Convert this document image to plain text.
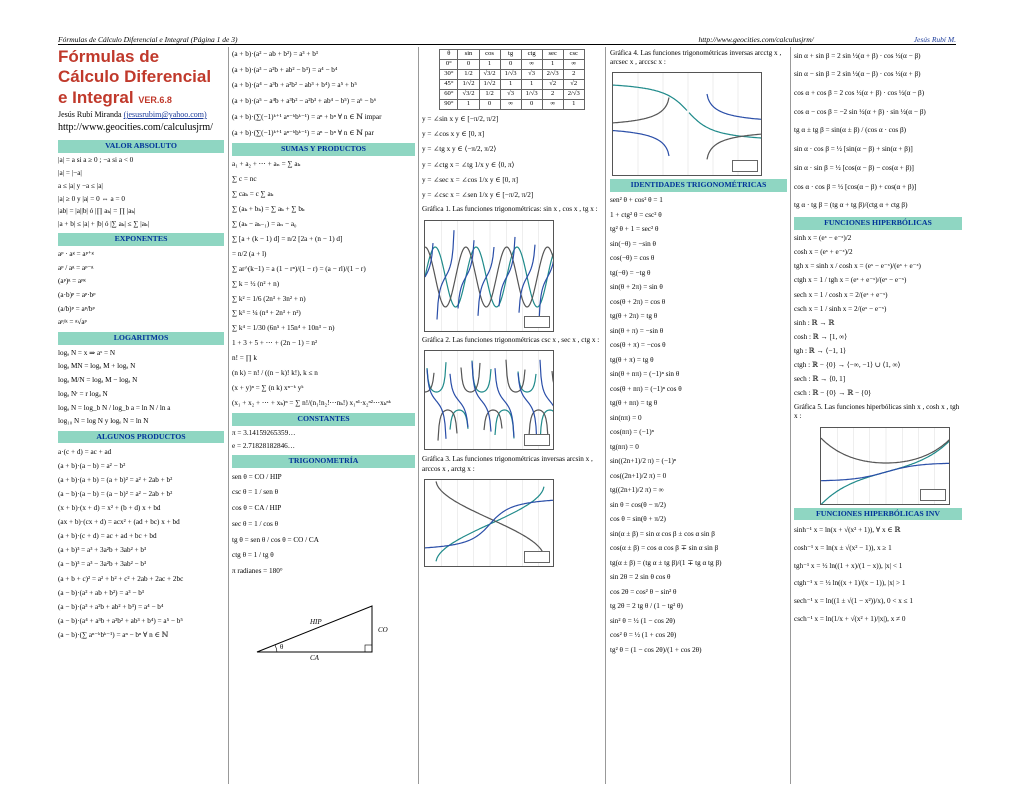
Fórmulas de Cálculo Diferencial e Integral (Página 1 de 3)	http://www.geocities.com/calculusjrm/	Jesús Rubí M.
Fórmulas de
Cálculo Diferencial
e Integral VER.6.8
Jesús Rubí Miranda (jesusrubim@yahoo.com)
http://www.geocities.com/calculusjrm/
VALOR ABSOLUTO
|a| = a si a ≥ 0 ; −a si a < 0
|a| = |−a|
a ≤ |a| y −a ≤ |a|
|a| ≥ 0 y |a| = 0 ⇔ a = 0
|ab| = |a||b| ó |∏ aₖ| = ∏ |aₖ|
|a + b| ≤ |a| + |b| ó |∑ aₖ| ≤ ∑ |aₖ|
EXPONENTES
aᵖ · aᵍ = aᵖ⁺ᵍ
aᵖ / aᵍ = aᵖ⁻ᵍ
(aᵖ)ᵍ = aᵖᵍ
(a·b)ᵖ = aᵖ·bᵖ
(a/b)ᵖ = aᵖ/bᵖ
aᵖ/ᵍ = ᵍ√aᵖ
LOGARITMOS
logₐ N = x ⇒ aˣ = N
logₐ MN = logₐ M + logₐ N
logₐ M/N = logₐ M − logₐ N
logₐ Nʳ = r logₐ N
logₐ N = log_b N / log_b a = ln N / ln a
log₁₀ N = log N y logₑ N = ln N
ALGUNOS PRODUCTOS
a·(c + d) = ac + ad
(a + b)·(a − b) = a² − b²
(a + b)·(a + b) = (a + b)² = a² + 2ab + b²
(a − b)·(a − b) = (a − b)² = a² − 2ab + b²
(x + b)·(x + d) = x² + (b + d) x + bd
(ax + b)·(cx + d) = acx² + (ad + bc) x + bd
(a + b)·(c + d) = ac + ad + bc + bd
(a + b)³ = a³ + 3a²b + 3ab² + b³
(a − b)³ = a³ − 3a²b + 3ab² − b³
(a + b + c)² = a² + b² + c² + 2ab + 2ac + 2bc
(a − b)·(a² + ab + b²) = a³ − b³
(a − b)·(a³ + a²b + ab² + b³) = a⁴ − b⁴
(a − b)·(a⁴ + a³b + a²b² + ab³ + b⁴) = a⁵ − b⁵
(a − b)·(∑ aⁿ⁻ᵏbᵏ⁻¹) = aⁿ − bⁿ ∀ n ∈ ℕ
(a + b)·(a² − ab + b²) = a³ + b³
(a + b)·(a³ − a²b + ab² − b³) = a⁴ − b⁴
(a + b)·(a⁴ − a³b + a²b² − ab³ + b⁴) = a⁵ + b⁵
(a + b)·(a⁵ − a⁴b + a³b² − a²b³ + ab⁴ − b⁵) = a⁶ − b⁶
(a + b)·(∑(−1)ᵏ⁺¹ aⁿ⁻ᵏbᵏ⁻¹) = aⁿ + bⁿ ∀ n ∈ ℕ impar
(a + b)·(∑(−1)ᵏ⁺¹ aⁿ⁻ᵏbᵏ⁻¹) = aⁿ − bⁿ ∀ n ∈ ℕ par
SUMAS Y PRODUCTOS
a₁ + a₂ + ⋯ + aₙ = ∑ aₖ
∑ c = nc
∑ caₖ = c ∑ aₖ
∑ (aₖ + bₖ) = ∑ aₖ + ∑ bₖ
∑ (aₖ − aₖ₋₁) = aₙ − a₀
∑ [a + (k − 1) d] = n/2 [2a + (n − 1) d]
= n/2 (a + l)
∑ ar^(k−1) = a (1 − rⁿ)/(1 − r) = (a − rl)/(1 − r)
∑ k = ½ (n² + n)
∑ k² = 1/6 (2n³ + 3n² + n)
∑ k³ = ¼ (n⁴ + 2n³ + n²)
∑ k⁴ = 1/30 (6n⁵ + 15n⁴ + 10n³ − n)
1 + 3 + 5 + ⋯ + (2n − 1) = n²
n! = ∏ k
(n k) = n! / ((n − k)! k!), k ≤ n
(x + y)ⁿ = ∑ (n k) xⁿ⁻ᵏ yᵏ
(x₁ + x₂ + ⋯ + xₖ)ⁿ = ∑ n!/(n₁!n₂!⋯nₖ!) x₁ⁿ¹·x₂ⁿ²⋯xₖⁿᵏ
CONSTANTES
π = 3.14159265359…
e = 2.71828182846…
TRIGONOMETRÍA
sen θ = CO / HIP
csc θ = 1 / sen θ
cos θ = CA / HIP
sec θ = 1 / cos θ
tg θ = sen θ / cos θ = CO / CA
ctg θ = 1 / tg θ
π radianes = 180°
HIP
CO
CA
θ
θ	sin	cos	tg	ctg	sec	csc
0°	0	1	0	∞	1	∞
30°	1/2	√3/2	1/√3	√3	2/√3	2
45°	1/√2	1/√2	1	1	√2	√2
60°	√3/2	1/2	√3	1/√3	2	2/√3
90°	1	0	∞	0	∞	1
y = ∠sin x y ∈ [−π/2, π/2]
y = ∠cos x y ∈ [0, π]
y = ∠tg x y ∈ ⟨−π/2, π/2⟩
y = ∠ctg x = ∠tg 1/x y ∈ ⟨0, π⟩
y = ∠sec x = ∠cos 1/x y ∈ [0, π]
y = ∠csc x = ∠sen 1/x y ∈ [−π/2, π/2]
Gráfica 1. Las funciones trigonométricas: sin x , cos x , tg x :
Gráfica 2. Las funciones trigonométricas csc x , sec x , ctg x :
Gráfica 3. Las funciones trigonométricas inversas arcsin x , arccos x , arctg x :
Gráfica 4. Las funciones trigonométricas inversas arcctg x , arcsec x , arccsc x :
IDENTIDADES TRIGONOMÉTRICAS
sen² θ + cos² θ = 1
1 + ctg² θ = csc² θ
tg² θ + 1 = sec² θ
sin(−θ) = −sin θ
cos(−θ) = cos θ
tg(−θ) = −tg θ
sin(θ + 2π) = sin θ
cos(θ + 2π) = cos θ
tg(θ + 2π) = tg θ
sin(θ + π) = −sin θ
cos(θ + π) = −cos θ
tg(θ + π) = tg θ
sin(θ + nπ) = (−1)ⁿ sin θ
cos(θ + nπ) = (−1)ⁿ cos θ
tg(θ + nπ) = tg θ
sin(nπ) = 0
cos(nπ) = (−1)ⁿ
tg(nπ) = 0
sin((2n+1)/2 π) = (−1)ⁿ
cos((2n+1)/2 π) = 0
tg((2n+1)/2 π) = ∞
sin θ = cos(θ − π/2)
cos θ = sin(θ + π/2)
sin(α ± β) = sin α cos β ± cos α sin β
cos(α ± β) = cos α cos β ∓ sin α sin β
tg(α ± β) = (tg α ± tg β)/(1 ∓ tg α tg β)
sin 2θ = 2 sin θ cos θ
cos 2θ = cos² θ − sin² θ
tg 2θ = 2 tg θ / (1 − tg² θ)
sin² θ = ½ (1 − cos 2θ)
cos² θ = ½ (1 + cos 2θ)
tg² θ = (1 − cos 2θ)/(1 + cos 2θ)
sin α + sin β = 2 sin ½(α + β) · cos ½(α − β)
sin α − sin β = 2 sin ½(α − β) · cos ½(α + β)
cos α + cos β = 2 cos ½(α + β) · cos ½(α − β)
cos α − cos β = −2 sin ½(α + β) · sin ½(α − β)
tg α ± tg β = sin(α ± β) / (cos α · cos β)
sin α · cos β = ½ [sin(α − β) + sin(α + β)]
sin α · sin β = ½ [cos(α − β) − cos(α + β)]
cos α · cos β = ½ [cos(α − β) + cos(α + β)]
tg α · tg β = (tg α + tg β)/(ctg α + ctg β)
FUNCIONES HIPERBÓLICAS
sinh x = (eˣ − e⁻ˣ)/2
cosh x = (eˣ + e⁻ˣ)/2
tgh x = sinh x / cosh x = (eˣ − e⁻ˣ)/(eˣ + e⁻ˣ)
ctgh x = 1 / tgh x = (eˣ + e⁻ˣ)/(eˣ − e⁻ˣ)
sech x = 1 / cosh x = 2/(eˣ + e⁻ˣ)
csch x = 1 / sinh x = 2/(eˣ − e⁻ˣ)
sinh : ℝ → ℝ
cosh : ℝ → [1, ∞⟩
tgh : ℝ → ⟨−1, 1⟩
ctgh : ℝ − {0} → ⟨−∞, −1⟩ ∪ ⟨1, ∞⟩
sech : ℝ → ⟨0, 1]
csch : ℝ − {0} → ℝ − {0}
Gráfica 5. Las funciones hiperbólicas sinh x , cosh x , tgh x :
FUNCIONES HIPERBÓLICAS INV
sinh⁻¹ x = ln(x + √(x² + 1)), ∀ x ∈ ℝ
cosh⁻¹ x = ln(x ± √(x² − 1)), x ≥ 1
tgh⁻¹ x = ½ ln((1 + x)/(1 − x)), |x| < 1
ctgh⁻¹ x = ½ ln((x + 1)/(x − 1)), |x| > 1
sech⁻¹ x = ln((1 ± √(1 − x²))/x), 0 < x ≤ 1
csch⁻¹ x = ln(1/x + √(x² + 1)/|x|), x ≠ 0
